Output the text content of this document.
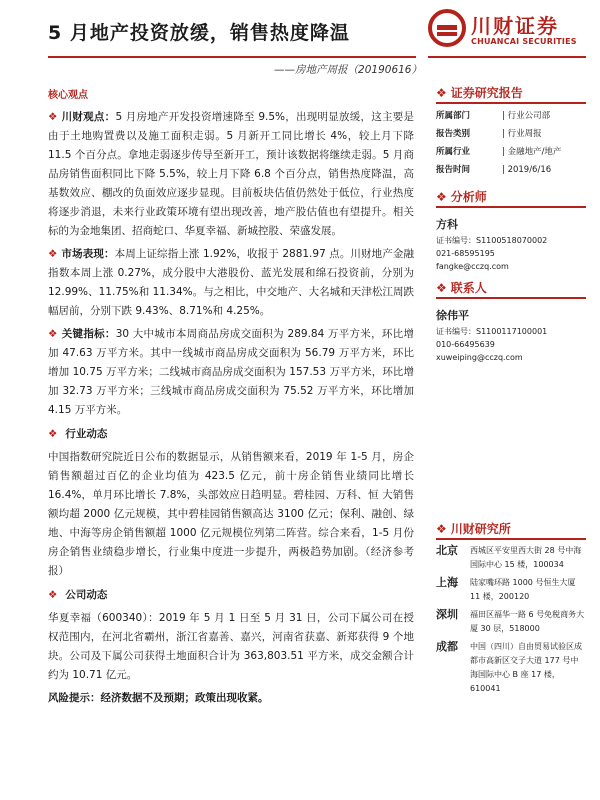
5 月地产投资放缓，销售热度降温	川财证券
CHUANCAI SECURITIES
——房地产周报（20190616）
核心观点

❖ 川财观点：5 月房地产开发投资增速降至 9.5%，出现明显放缓，这主要是由于土地购置费以及施工面积走弱。5 月新开工同比增长 4%，较上月下降 11.5 个百分点。拿地走弱逐步传导至新开工，预计该数据将继续走弱。5 月商品房销售面积同比下降 5.5%，较上月下降 6.8 个百分点，销售热度降温，高基数效应、棚改的负面效应逐步显现。目前板块估值仍然处于低位，行业热度将逐步消退，未来行业政策环境有望出现改善，地产股估值也有望提升。相关标的为金地集团、招商蛇口、华夏幸福、新城控股、荣盛发展。

❖ 市场表现：本周上证综指上涨 1.92%，收报于 2881.97 点。川财地产金融指数本周上涨 0.27%，成分股中大港股份、蓝光发展和绵石投资前，分别为 12.99%、11.75%和 11.34%。与之相比，中交地产、大名城和天津松江周跌幅居前，分别下跌 9.43%、8.71%和 4.25%。

❖ 关键指标：30 大中城市本周商品房成交面积为 289.84 万平方米，环比增加 47.63 万平方米。其中一线城市商品房成交面积为 56.79 万平方米，环比增加 10.75 万平方米；二线城市商品房成交面积为 157.53 万平方米，环比增加 32.73 万平方米；三线城市商品房成交面积为 75.52 万平方米，环比增加 4.15 万平方米。

❖ 行业动态

中国指数研究院近日公布的数据显示，从销售额来看，2019 年 1-5 月，房企销售额超过百亿的企业均值为 423.5 亿元，前十房企销售业绩同比增长 16.4%，单月环比增长 7.8%，头部效应日趋明显。碧桂园、万科、恒 大销售额均超 2000 亿元规模，其中碧桂园销售额高达 3100 亿元；保利、融创、绿地、中海等房企销售额超 1000 亿元规模位列第二阵营。综合来看，1-5 月份房企销售业绩稳步增长，行业集中度进一步提升，两极趋势加剧。（经济参考报）

❖ 公司动态

华夏幸福（600340）：2019 年 5 月 1 日至 5 月 31 日，公司下属公司在授权范围内，在河北省霸州，浙江省嘉善、嘉兴，河南省获嘉、新郑获得 9 个地块。公司及下属公司获得土地面积合计为 363,803.51 平方米，成交金额合计约为 10.71 亿元。

风险提示：经济数据不及预期；政策出现收紧。
❖ 证券研究报告
所属部门	| 行业公司部
报告类别	| 行业周报
所属行业	| 金融地产/地产
报告时间	| 2019/6/16
❖ 分析师
方科
证书编号：S1100518070002
021-68595195
fangke@cczq.com
❖ 联系人
徐伟平
证书编号：S1100117100001
010-66495639
xuweiping@cczq.com
❖ 川财研究所
北京	西城区平安里西大街 28 号中海国际中心 15 楼，100034
上海	陆家嘴环路 1000 号恒生大厦 11 楼，200120
深圳	福田区福华一路 6 号免税商务大厦 30 层，518000
成都	中国（四川）自由贸易试验区成都市高新区交子大道 177 号中海国际中心 B 座 17 楼，610041
